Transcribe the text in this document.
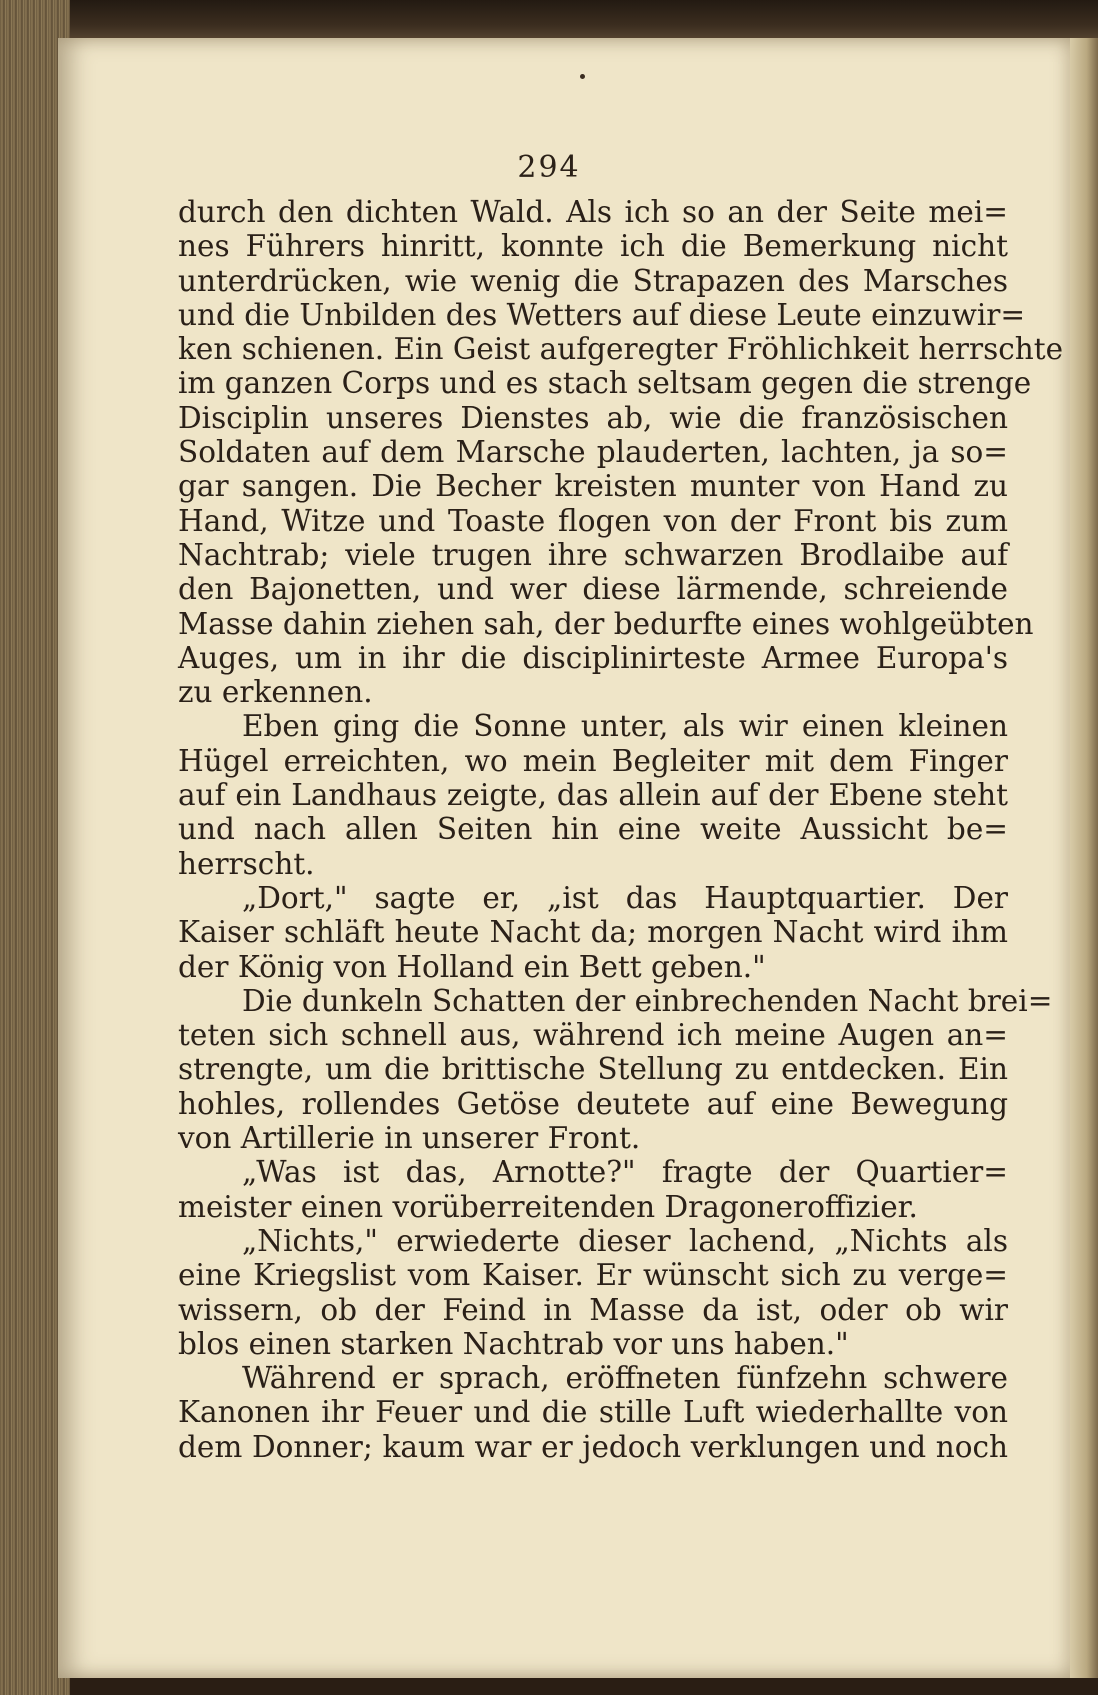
294
durch den dichten Wald. Als ich so an der Seite mei=
nes Führers hinritt, konnte ich die Bemerkung nicht
unterdrücken, wie wenig die Strapazen des Marsches
und die Unbilden des Wetters auf diese Leute einzuwir=
ken schienen. Ein Geist aufgeregter Fröhlichkeit herrschte
im ganzen Corps und es stach seltsam gegen die strenge
Disciplin unseres Dienstes ab, wie die französischen
Soldaten auf dem Marsche plauderten, lachten, ja so=
gar sangen. Die Becher kreisten munter von Hand zu
Hand, Witze und Toaste flogen von der Front bis zum
Nachtrab; viele trugen ihre schwarzen Brodlaibe auf
den Bajonetten, und wer diese lärmende, schreiende
Masse dahin ziehen sah, der bedurfte eines wohlgeübten
Auges, um in ihr die disciplinirteste Armee Europa's
zu erkennen.
Eben ging die Sonne unter, als wir einen kleinen
Hügel erreichten, wo mein Begleiter mit dem Finger
auf ein Landhaus zeigte, das allein auf der Ebene steht
und nach allen Seiten hin eine weite Aussicht be=
herrscht.
„Dort," sagte er, „ist das Hauptquartier. Der
Kaiser schläft heute Nacht da; morgen Nacht wird ihm
der König von Holland ein Bett geben."
Die dunkeln Schatten der einbrechenden Nacht brei=
teten sich schnell aus, während ich meine Augen an=
strengte, um die brittische Stellung zu entdecken. Ein
hohles, rollendes Getöse deutete auf eine Bewegung
von Artillerie in unserer Front.
„Was ist das, Arnotte?" fragte der Quartier=
meister einen vorüberreitenden Dragoneroffizier.
„Nichts," erwiederte dieser lachend, „Nichts als
eine Kriegslist vom Kaiser. Er wünscht sich zu verge=
wissern, ob der Feind in Masse da ist, oder ob wir
blos einen starken Nachtrab vor uns haben."
Während er sprach, eröffneten fünfzehn schwere
Kanonen ihr Feuer und die stille Luft wiederhallte von
dem Donner; kaum war er jedoch verklungen und noch
